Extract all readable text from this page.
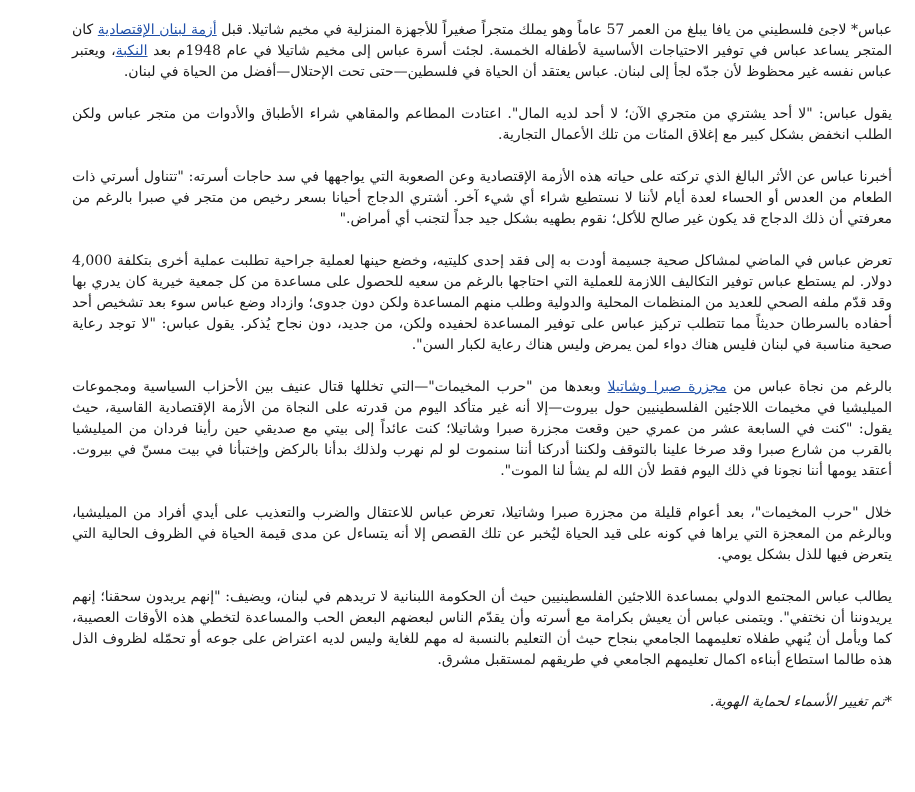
عباس* لاجئ فلسطيني من يافا يبلغ من العمر 57 عاماً وهو يملك متجراً صغيراً للأجهزة المنزلية في مخيم شاتيلا. قبل أزمة لبنان الإقتصادية كان المتجر يساعد عباس في توفير الاحتياجات الأساسية لأطفاله الخمسة. لجئت أسرة عباس إلى مخيم شاتيلا في عام 1948م بعد النكبة، ويعتبر عباس نفسه غير محظوظ لأن جدّه لجأ إلى لبنان. عباس يعتقد أن الحياة في فلسطين—حتى تحت الإحتلال—أفضل من الحياة في لبنان.

يقول عباس: "لا أحد يشتري من متجري الآن؛ لا أحد لديه المال". اعتادت المطاعم والمقاهي شراء الأطباق والأدوات من متجر عباس ولكن الطلب انخفض بشكل كبير مع إغلاق المئات من تلك الأعمال التجارية.

أخبرنا عباس عن الأثر البالغ الذي تركته على حياته هذه الأزمة الإقتصادية وعن الصعوبة التي يواجهها في سد حاجات أسرته: "تتناول أسرتي ذات الطعام من العدس أو الحساء لعدة أيام لأننا لا نستطيع شراء أي شيء آخر. أشتري الدجاج أحيانا بسعر رخيص من متجر في صبرا بالرغم من معرفتي أن ذلك الدجاج قد يكون غير صالح للأكل؛ نقوم بطهيه بشكل جيد جداً لتجنب أي أمراض."

تعرض عباس في الماضي لمشاكل صحية جسيمة أودت به إلى فقد إحدى كليتيه، وخضع حينها لعملية جراحية تطلبت عملية أخرى بتكلفة 4,000 دولار. لم يستطع عباس توفير التكاليف اللازمة للعملية التي احتاجها بالرغم من سعيه للحصول على مساعدة من كل جمعية خيرية كان يدري بها وقد قدّم ملفه الصحي للعديد من المنظمات المحلية والدولية وطلب منهم المساعدة ولكن دون جدوى؛ وازداد وضع عباس سوء بعد تشخيص أحد أحفاده بالسرطان حديثاً مما تتطلب تركيز عباس على توفير المساعدة لحفيده ولكن، من جديد، دون نجاح يُذكر. يقول عباس: "لا توجد رعاية صحية مناسبة في لبنان فليس هناك دواء لمن يمرض وليس هناك رعاية لكبار السن".

بالرغم من نجاة عباس من مجزرة صبرا وشاتيلا وبعدها من "حرب المخيمات"—التي تخللها قتال عنيف بين الأحزاب السياسية ومجموعات الميليشيا في مخيمات اللاجئين الفلسطينيين حول بيروت—إلا أنه غير متأكد اليوم من قدرته على النجاة من الأزمة الإقتصادية القاسية، حيث يقول: "كنت في السابعة عشر من عمري حين وقعت مجزرة صبرا وشاتيلا؛ كنت عائداً إلى بيتي مع صديقي حين رأينا فردان من الميليشيا بالقرب من شارع صبرا وقد صرخا علينا بالتوقف ولكننا أدركنا أننا سنموت لو لم نهرب ولذلك بدأنا بالركض وإختبأنا في بيت مسنّ في بيروت. أعتقد يومها أننا نجونا في ذلك اليوم فقط لأن الله لم يشأ لنا الموت".

خلال "حرب المخيمات"، بعد أعوام قليلة من مجزرة صبرا وشاتيلا، تعرض عباس للاعتقال والضرب والتعذيب على أيدي أفراد من الميليشيا، وبالرغم من المعجزة التي يراها في كونه على قيد الحياة ليُخبر عن تلك القصص إلا أنه يتساءل عن مدى قيمة الحياة في الظروف الحالية التي يتعرض فيها للذل بشكل يومي.

يطالب عباس المجتمع الدولي بمساعدة اللاجئين الفلسطينيين حيث أن الحكومة اللبنانية لا تريدهم في لبنان، ويضيف: "إنهم يريدون سحقنا؛ إنهم يريدوننا أن نختفي". ويتمنى عباس أن يعيش بكرامة مع أسرته وأن يقدّم الناس لبعضهم البعض الحب والمساعدة لتخطي هذه الأوقات العصيبة، كما ويأمل أن يُنهي طفلاه تعليمهما الجامعي بنجاح حيث أن التعليم بالنسبة له مهم للغاية وليس لديه اعتراض على جوعه أو تحمّله لظروف الذل هذه طالما استطاع أبناءه اكمال تعليمهم الجامعي في طريقهم لمستقبل مشرق.

*تم تغيير الأسماء لحماية الهوية.
